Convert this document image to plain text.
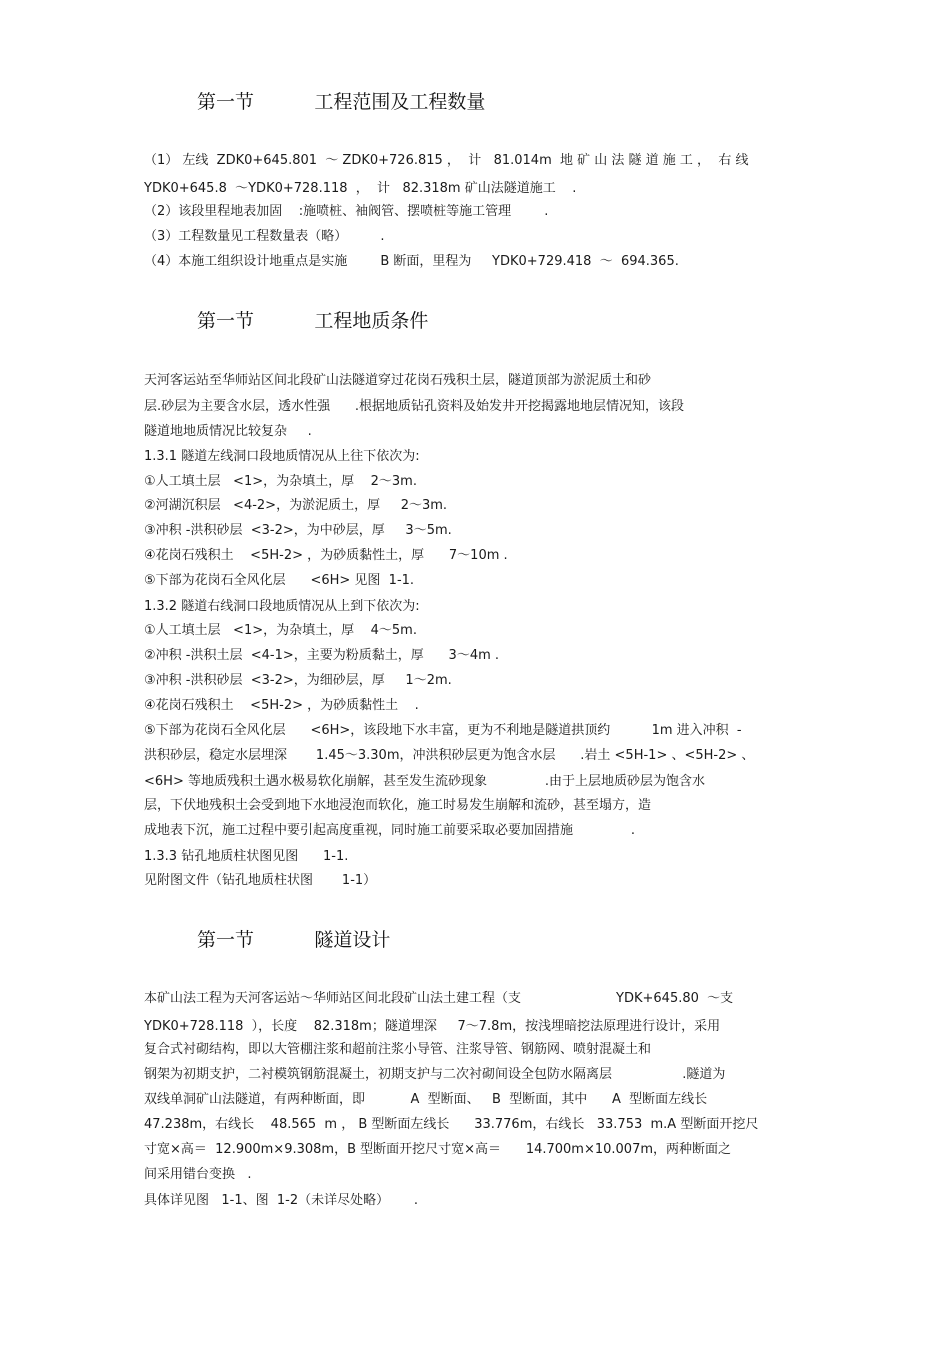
第一节          工程范围及工程数量
（1） 左线  ZDK0+645.801  ～ ZDK0+726.815 ，  计   81.014m  地 矿 山 法 隧 道 施 工 ，  右 线
YDK0+645.8  ～YDK0+728.118  ，  计   82.318m 矿山法隧道施工    .
（2）该段里程地表加固    :施喷桩、袖阀管、摆喷桩等施工管理        .
（3）工程数量见工程数量表（略）        .
（4）本施工组织设计地重点是实施        B 断面，里程为     YDK0+729.418  ～  694.365.
第一节          工程地质条件
天河客运站至华师站区间北段矿山法隧道穿过花岗石残积土层，隧道顶部为淤泥质土和砂
层.砂层为主要含水层，透水性强      .根据地质钻孔资料及始发井开挖揭露地地层情况知，该段
隧道地地质情况比较复杂     .
1.3.1 隧道左线洞口段地质情况从上往下依次为:
①人工填土层   <1>，为杂填土，厚    2～3m.
②河湖沉积层   <4-2>，为淤泥质土，厚     2～3m.
③冲积 -洪积砂层  <3-2>，为中砂层，厚     3～5m.
④花岗石残积土    <5H-2> ，为砂质黏性土，厚      7～10m .
⑤下部为花岗石全风化层      <6H> 见图  1-1.
1.3.2 隧道右线洞口段地质情况从上到下依次为:
①人工填土层   <1>，为杂填土，厚    4～5m.
②冲积 -洪积土层  <4-1>，主要为粉质黏土，厚      3～4m .
③冲积 -洪积砂层  <3-2>，为细砂层，厚     1～2m.
④花岗石残积土    <5H-2> ，为砂质黏性土    .
⑤下部为花岗石全风化层      <6H>，该段地下水丰富，更为不利地是隧道拱顶约          1m 进入冲积  -
洪积砂层，稳定水层埋深       1.45～3.30m，冲洪积砂层更为饱含水层      .岩土 <5H-1> 、<5H-2> 、
<6H> 等地质残积土遇水极易软化崩解，甚至发生流砂现象              .由于上层地质砂层为饱含水
层，下伏地残积土会受到地下水地浸泡而软化，施工时易发生崩解和流砂，甚至塌方，造
成地表下沉，施工过程中要引起高度重视，同时施工前要采取必要加固措施              .
1.3.3 钻孔地质柱状图见图      1-1.
见附图文件（钻孔地质柱状图       1-1）
第一节          隧道设计
本矿山法工程为天河客运站～华师站区间北段矿山法土建工程（支                       YDK+645.80  ～支
YDK0+728.118  ），长度    82.318m；隧道埋深     7～7.8m，按浅埋暗挖法原理进行设计，采用
复合式衬砌结构，即以大管棚注浆和超前注浆小导管、注浆导管、钢筋网、喷射混凝土和
钢架为初期支护，二衬模筑钢筋混凝土，初期支护与二次衬砌间设全包防水隔离层                 .隧道为
双线单洞矿山法隧道，有两种断面，即           A  型断面、   B  型断面，其中      A  型断面左线长
47.238m，右线长    48.565  m ， B 型断面左线长      33.776m，右线长   33.753  m.A 型断面开挖尺
寸宽×高＝  12.900m×9.308m，B 型断面开挖尺寸宽×高＝      14.700m×10.007m，两种断面之
间采用错台变换   .
具体详见图   1-1、图  1-2（未详尽处略）      .
